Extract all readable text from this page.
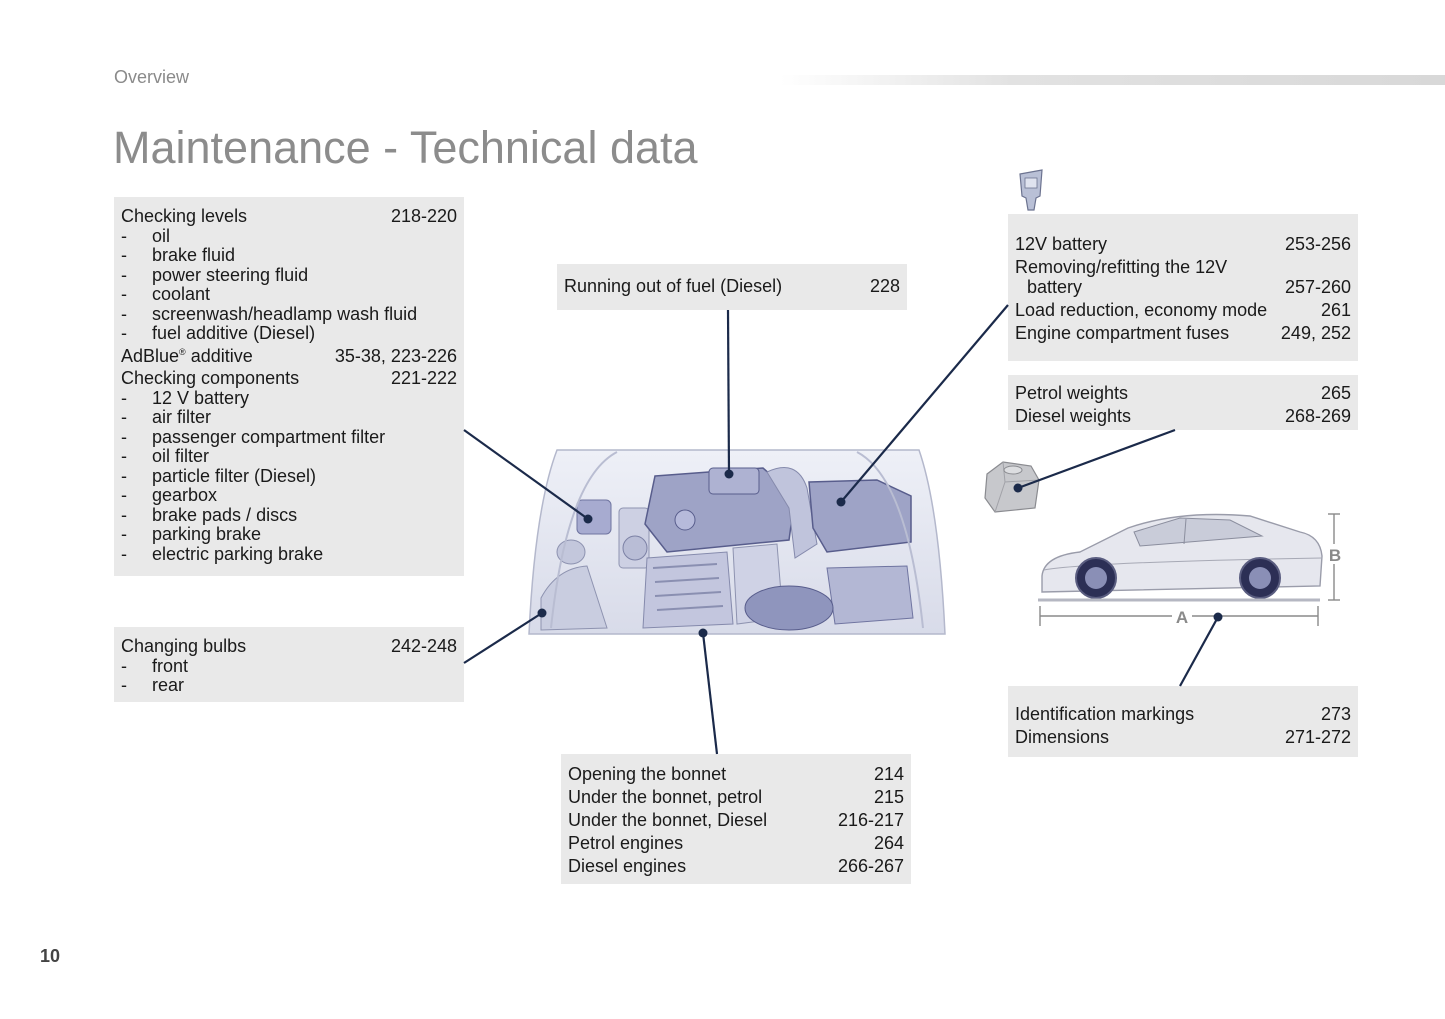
Overview
Maintenance - Technical data
Checking levels	218-220
-	oil
-	brake fluid
-	power steering fluid
-	coolant
-	screenwash/headlamp wash fluid
-	fuel additive (Diesel)
AdBlue® additive	35-38, 223-226
Checking components	221-222
-	12 V battery
-	air filter
-	passenger compartment filter
-	oil filter
-	particle filter (Diesel)
-	gearbox
-	brake pads / discs
-	parking brake
-	electric parking brake
Changing bulbs	242-248
-	front
-	rear
Running out of fuel (Diesel)	228
12V battery	253-256
Removing/refitting the 12V
battery	257-260
Load reduction, economy mode	261
Engine compartment fuses	249, 252
Petrol weights	265
Diesel weights	268-269
Identification markings	273
Dimensions	271-272
Opening the bonnet	214
Under the bonnet, petrol	215
Under the bonnet, Diesel	216-217
Petrol engines	264
Diesel engines	266-267
A
B
10
